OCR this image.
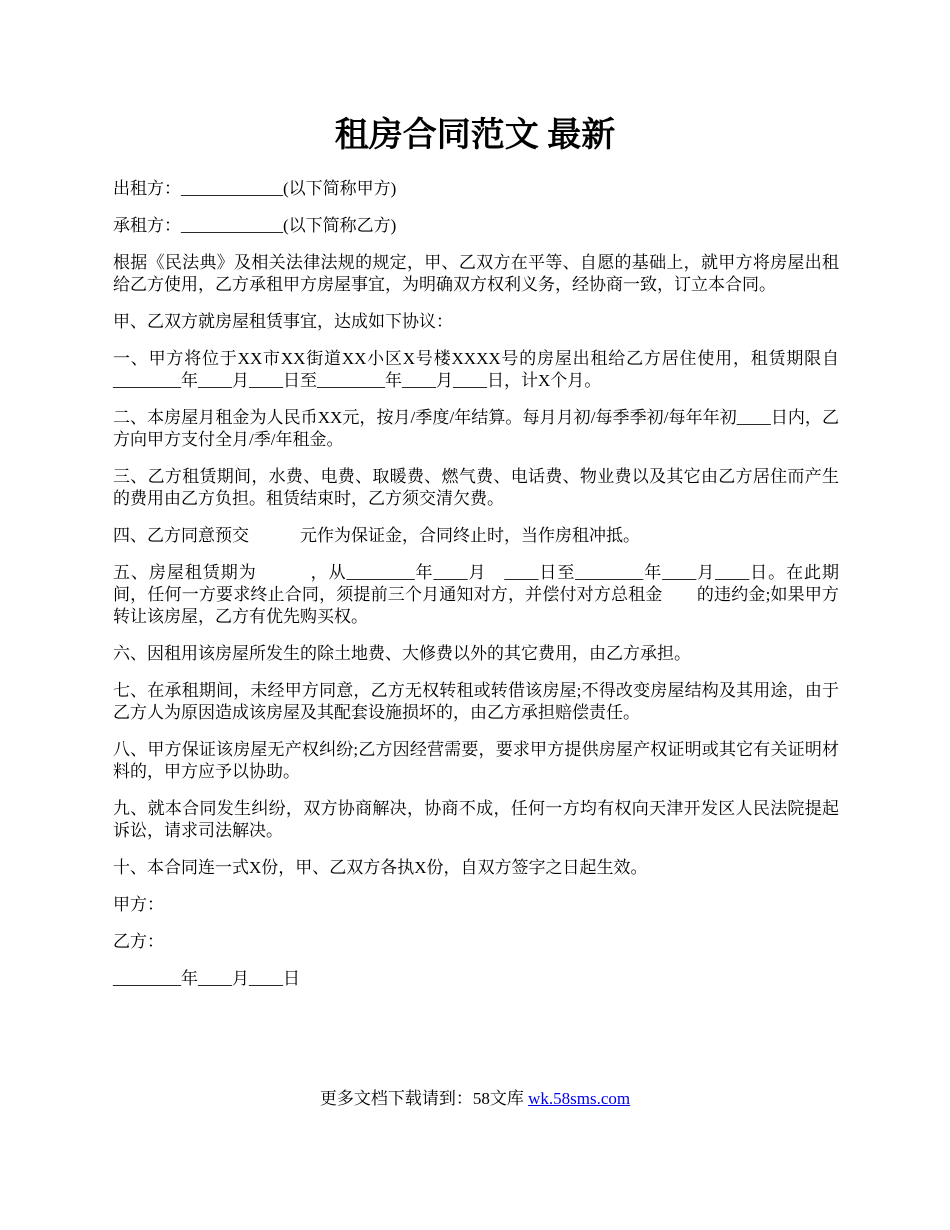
租房合同范文 最新

出租方：____________(以下简称甲方)

承租方：____________(以下简称乙方)

根据《民法典》及相关法律法规的规定，甲、乙双方在平等、自愿的基础上，就甲方将房屋出租给乙方使用，乙方承租甲方房屋事宜，为明确双方权利义务，经协商一致，订立本合同。

甲、乙双方就房屋租赁事宜，达成如下协议：

一、甲方将位于XX市XX街道XX小区X号楼XXXX号的房屋出租给乙方居住使用，租赁期限自________年____月____日至________年____月____日，计X个月。

二、本房屋月租金为人民币XX元，按月/季度/年结算。每月月初/每季季初/每年年初____日内，乙方向甲方支付全月/季/年租金。

三、乙方租赁期间，水费、电费、取暖费、燃气费、电话费、物业费以及其它由乙方居住而产生的费用由乙方负担。租赁结束时，乙方须交清欠费。

四、乙方同意预交　　　元作为保证金，合同终止时，当作房租冲抵。

五、房屋租赁期为　　　，从________年____月　____日至________年____月____日。在此期间，任何一方要求终止合同，须提前三个月通知对方，并偿付对方总租金　　的违约金;如果甲方转让该房屋，乙方有优先购买权。

六、因租用该房屋所发生的除土地费、大修费以外的其它费用，由乙方承担。

七、在承租期间，未经甲方同意，乙方无权转租或转借该房屋;不得改变房屋结构及其用途，由于乙方人为原因造成该房屋及其配套设施损坏的，由乙方承担赔偿责任。

八、甲方保证该房屋无产权纠纷;乙方因经营需要，要求甲方提供房屋产权证明或其它有关证明材料的，甲方应予以协助。

九、就本合同发生纠纷，双方协商解决，协商不成，任何一方均有权向天津开发区人民法院提起诉讼，请求司法解决。

十、本合同连一式X份，甲、乙双方各执X份，自双方签字之日起生效。

甲方：

乙方：

________年____月____日

更多文档下载请到：58文库 wk.58sms.com
